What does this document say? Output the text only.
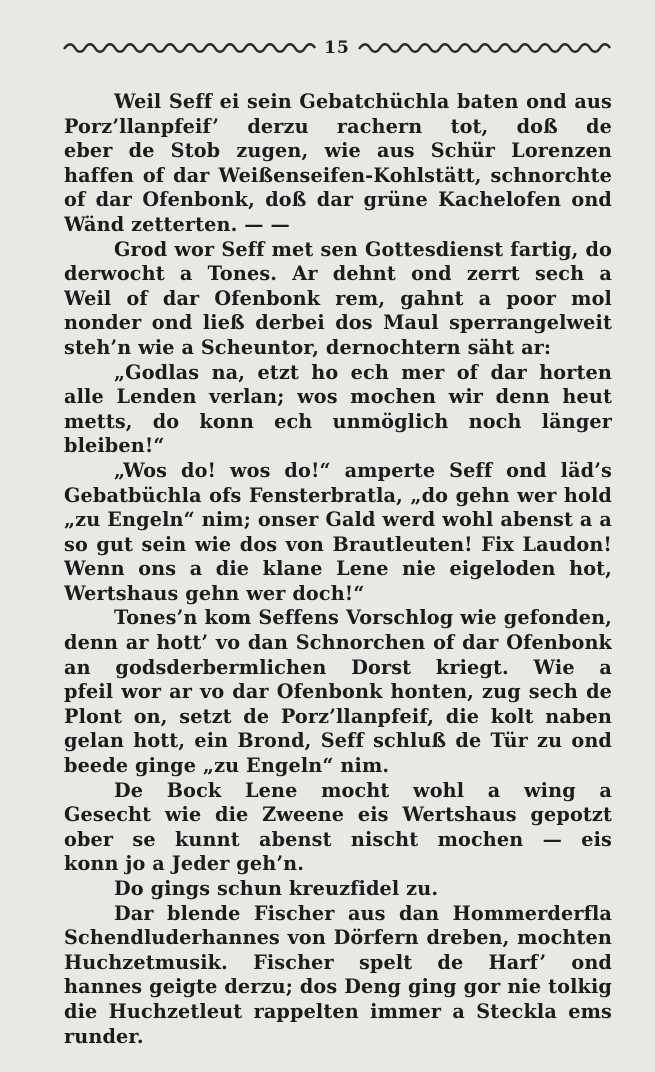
15
Weil Seff ei sein Gebatchüchla baten ond aus
Porz’llanpfeif’ derzu rachern tot, doß de
eber de Stob zugen, wie aus Schür Lorenzen
haffen of dar Weißenseifen-Kohlstätt, schnorchte
of dar Ofenbonk, doß dar grüne Kachelofen ond
Wänd zetterten. — —
Grod wor Seff met sen Gottesdienst fartig, do
derwocht a Tones. Ar dehnt ond zerrt sech a
Weil of dar Ofenbonk rem, gahnt a poor mol
nonder ond ließ derbei dos Maul sperrangelweit
steh’n wie a Scheuntor, dernochtern säht ar:
„Godlas na, etzt ho ech mer of dar horten
alle Lenden verlan; wos mochen wir denn heut
metts, do konn ech unmöglich noch länger
bleiben!“
„Wos do! wos do!“ amperte Seff ond läd’s
Gebatbüchla ofs Fensterbratla, „do gehn wer hold
„zu Engeln“ nim; onser Gald werd wohl abenst a a
so gut sein wie dos von Brautleuten! Fix Laudon!
Wenn ons a die klane Lene nie eigeloden hot,
Wertshaus gehn wer doch!“
Tones’n kom Seffens Vorschlog wie gefonden,
denn ar hott’ vo dan Schnorchen of dar Ofenbonk
an godsderbermlichen Dorst kriegt. Wie a
pfeil wor ar vo dar Ofenbonk honten, zug sech de
Plont on, setzt de Porz’llanpfeif, die kolt naben
gelan hott, ein Brond, Seff schluß de Tür zu ond
beede ginge „zu Engeln“ nim.
De Bock Lene mocht wohl a wing a
Gesecht wie die Zweene eis Wertshaus gepotzt
ober se kunnt abenst nischt mochen — eis
konn jo a Jeder geh’n.
Do gings schun kreuzfidel zu.
Dar blende Fischer aus dan Hommerderfla
Schendluderhannes von Dörfern dreben, mochten
Huchzetmusik. Fischer spelt de Harf’ ond
hannes geigte derzu; dos Deng ging gor nie tolkig
die Huchzetleut rappelten immer a Steckla ems
runder.
